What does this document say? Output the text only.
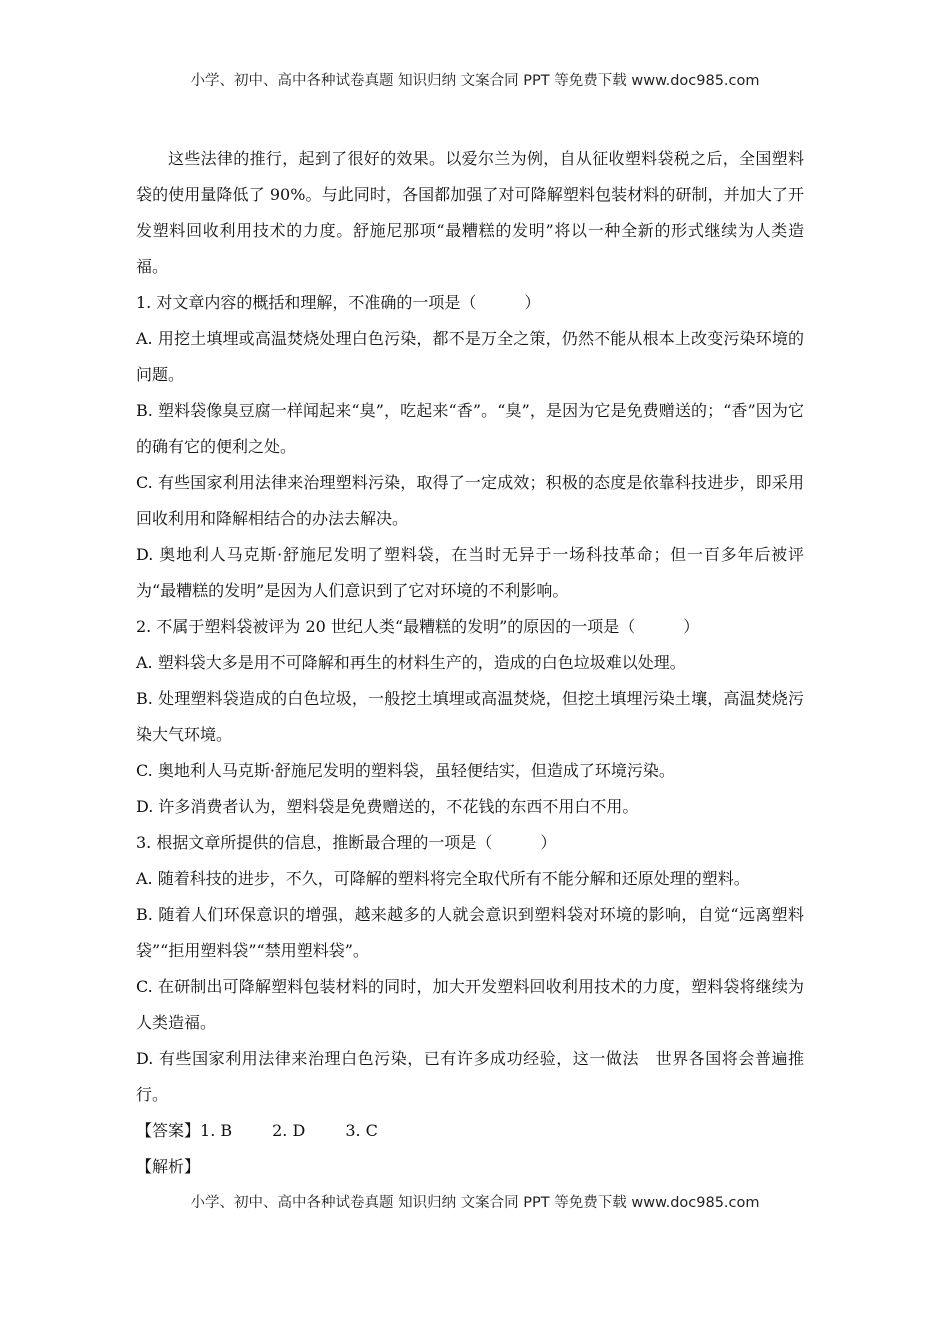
小学、初中、高中各种试卷真题 知识归纳 文案合同 PPT 等免费下载 www.doc985.com

这些法律的推行，起到了很好的效果。以爱尔兰为例，自从征收塑料袋税之后，全国塑料袋的使用量降低了 90%。与此同时，各国都加强了对可降解塑料包装材料的研制，并加大了开发塑料回收利用技术的力度。舒施尼那项“最糟糕的发明”将以一种全新的形式继续为人类造福。

1. 对文章内容的概括和理解，不准确的一项是（　　　）

A. 用挖土填埋或高温焚烧处理白色污染，都不是万全之策，仍然不能从根本上改变污染环境的问题。

B. 塑料袋像臭豆腐一样闻起来“臭”，吃起来“香”。“臭”，是因为它是免费赠送的；“香”因为它的确有它的便利之处。

C. 有些国家利用法律来治理塑料污染，取得了一定成效；积极的态度是依靠科技进步，即采用回收利用和降解相结合的办法去解决。

D. 奥地利人马克斯·舒施尼发明了塑料袋，在当时无异于一场科技革命；但一百多年后被评为“最糟糕的发明”是因为人们意识到了它对环境的不利影响。

2. 不属于塑料袋被评为 20 世纪人类“最糟糕的发明”的原因的一项是（　　　）

A. 塑料袋大多是用不可降解和再生的材料生产的，造成的白色垃圾难以处理。

B. 处理塑料袋造成的白色垃圾，一般挖土填埋或高温焚烧，但挖土填埋污染土壤，高温焚烧污染大气环境。

C. 奥地利人马克斯·舒施尼发明的塑料袋，虽轻便结实，但造成了环境污染。

D. 许多消费者认为，塑料袋是免费赠送的，不花钱的东西不用白不用。

3. 根据文章所提供的信息，推断最合理的一项是（　　　）

A. 随着科技的进步，不久，可降解的塑料将完全取代所有不能分解和还原处理的塑料。

B. 随着人们环保意识的增强，越来越多的人就会意识到塑料袋对环境的影响，自觉“远离塑料袋”“拒用塑料袋”“禁用塑料袋”。

C. 在研制出可降解塑料包装材料的同时，加大开发塑料回收利用技术的力度，塑料袋将继续为人类造福。

D. 有些国家利用法律来治理白色污染，已有许多成功经验，这一做法　世界各国将会普遍推行。

【答案】1. B	2. D	3. C

【解析】

小学、初中、高中各种试卷真题 知识归纳 文案合同 PPT 等免费下载 www.doc985.com
